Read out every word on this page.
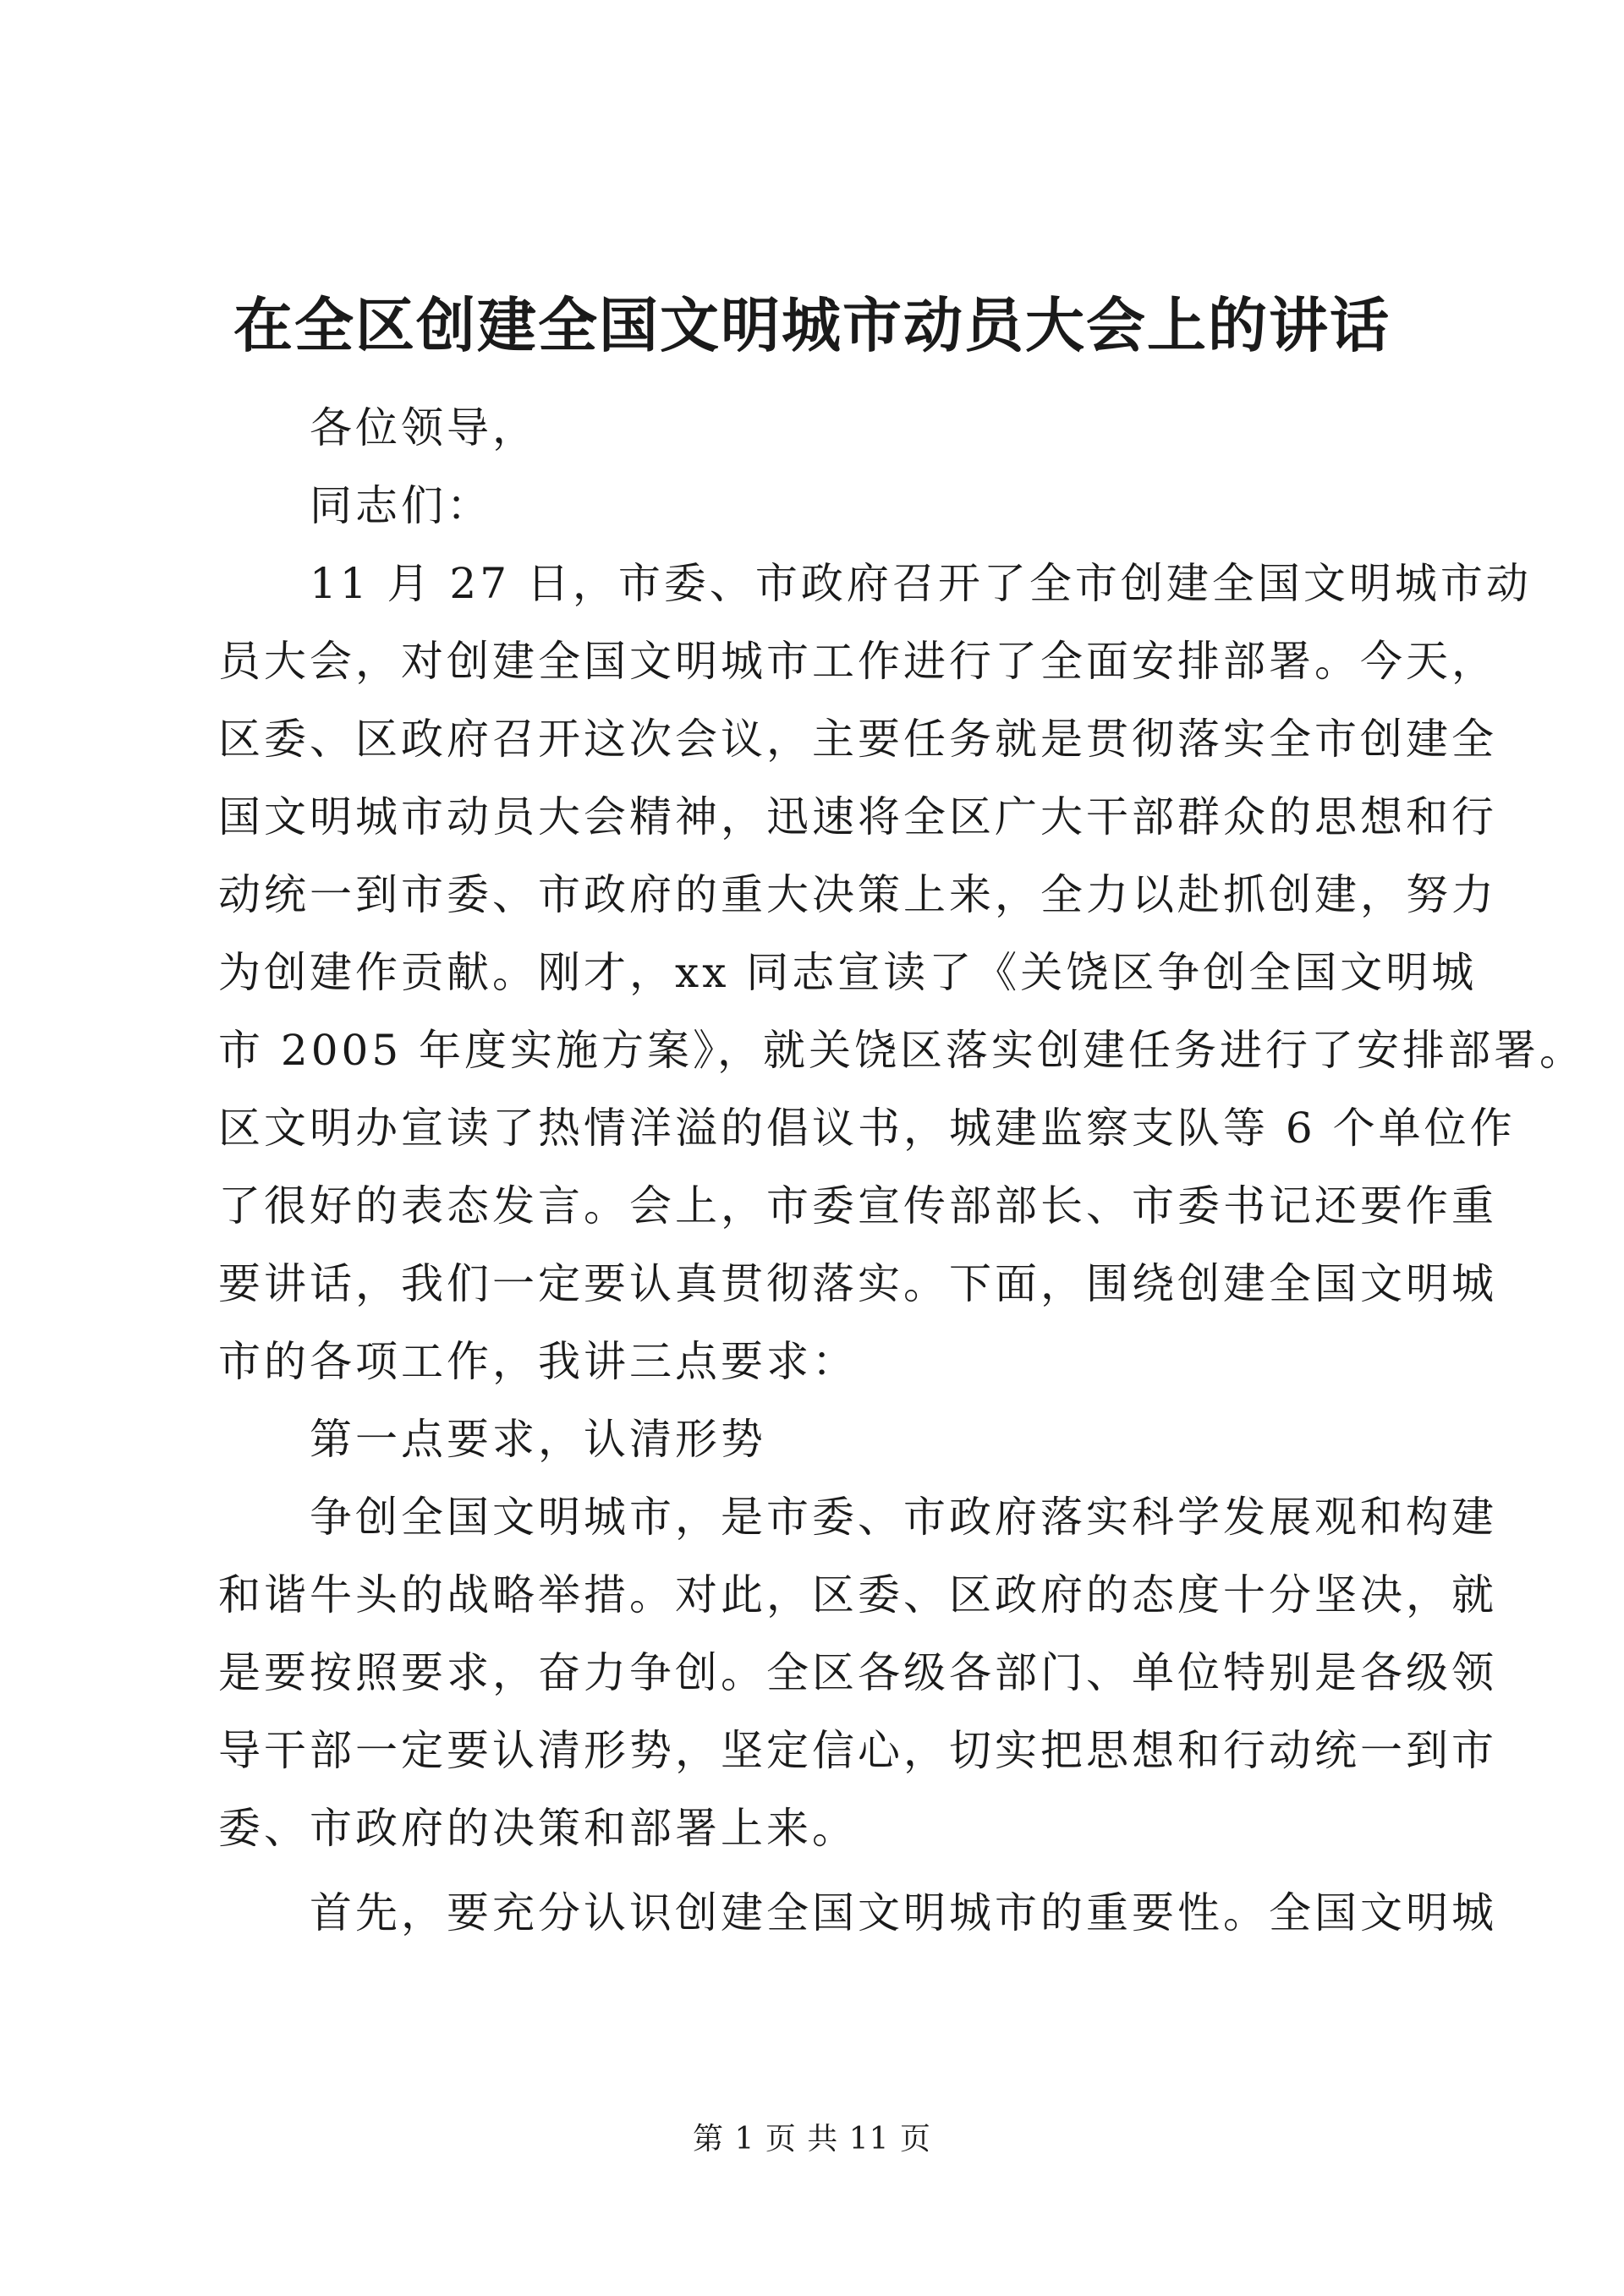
在全区创建全国文明城市动员大会上的讲话
各位领导，
同志们：
11 月 27 日，市委、市政府召开了全市创建全国文明城市动
员大会，对创建全国文明城市工作进行了全面安排部署。今天，
区委、区政府召开这次会议，主要任务就是贯彻落实全市创建全
国文明城市动员大会精神，迅速将全区广大干部群众的思想和行
动统一到市委、市政府的重大决策上来，全力以赴抓创建，努力
为创建作贡献。刚才，xx 同志宣读了《关饶区争创全国文明城
市 2005 年度实施方案》，就关饶区落实创建任务进行了安排部署。
区文明办宣读了热情洋溢的倡议书，城建监察支队等 6 个单位作
了很好的表态发言。会上，市委宣传部部长、市委书记还要作重
要讲话，我们一定要认真贯彻落实。下面，围绕创建全国文明城
市的各项工作，我讲三点要求：
第一点要求，认清形势
争创全国文明城市，是市委、市政府落实科学发展观和构建
和谐牛头的战略举措。对此，区委、区政府的态度十分坚决，就
是要按照要求，奋力争创。全区各级各部门、单位特别是各级领
导干部一定要认清形势，坚定信心，切实把思想和行动统一到市
委、市政府的决策和部署上来。
首先，要充分认识创建全国文明城市的重要性。全国文明城
第 1 页 共 11 页
